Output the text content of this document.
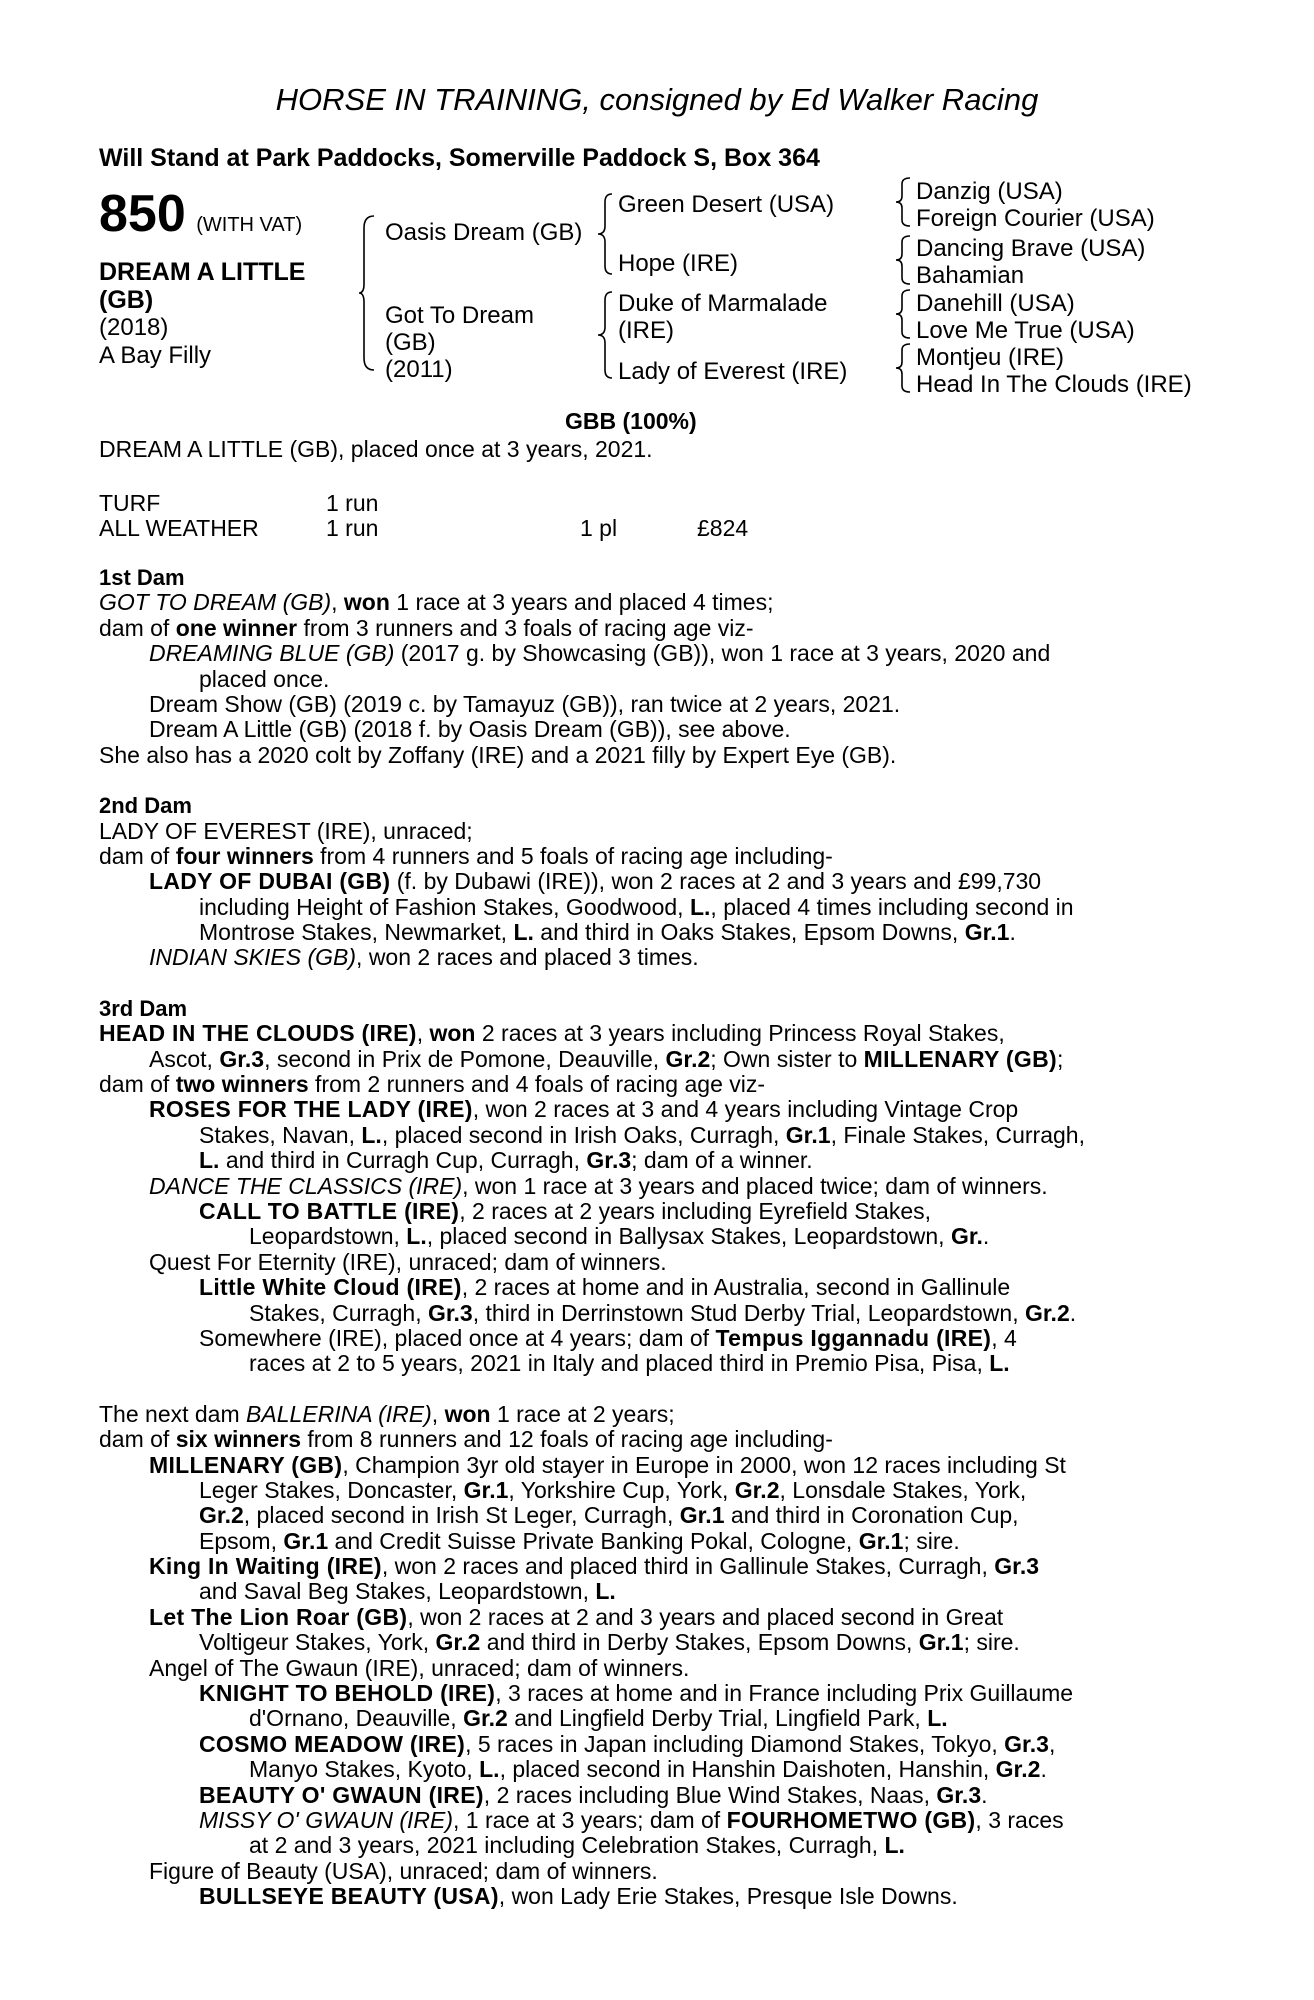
HORSE IN TRAINING, consigned by Ed Walker Racing
Will Stand at Park Paddocks, Somerville Paddock S, Box 364
850 (WITH VAT)
DREAM A LITTLE
(GB)
(2018)
A Bay Filly
Oasis Dream (GB)
Got To Dream
(GB)
(2011)
Green Desert (USA)
Hope (IRE)
Duke of Marmalade
(IRE)
Lady of Everest (IRE)
Danzig (USA)
Foreign Courier (USA)
Dancing Brave (USA)
Bahamian
Danehill (USA)
Love Me True (USA)
Montjeu (IRE)
Head In The Clouds (IRE)
GBB (100%)
DREAM A LITTLE (GB), placed once at 3 years, 2021.
TURF	1 run
ALL WEATHER	1 run	1 pl	£824
1st Dam
GOT TO DREAM (GB), won 1 race at 3 years and placed 4 times;
dam of one winner from 3 runners and 3 foals of racing age viz-
DREAMING BLUE (GB) (2017 g. by Showcasing (GB)), won 1 race at 3 years, 2020 and
placed once.
Dream Show (GB) (2019 c. by Tamayuz (GB)), ran twice at 2 years, 2021.
Dream A Little (GB) (2018 f. by Oasis Dream (GB)), see above.
She also has a 2020 colt by Zoffany (IRE) and a 2021 filly by Expert Eye (GB).
2nd Dam
LADY OF EVEREST (IRE), unraced;
dam of four winners from 4 runners and 5 foals of racing age including-
LADY OF DUBAI (GB) (f. by Dubawi (IRE)), won 2 races at 2 and 3 years and £99,730
including Height of Fashion Stakes, Goodwood, L., placed 4 times including second in
Montrose Stakes, Newmarket, L. and third in Oaks Stakes, Epsom Downs, Gr.1.
INDIAN SKIES (GB), won 2 races and placed 3 times.
3rd Dam
HEAD IN THE CLOUDS (IRE), won 2 races at 3 years including Princess Royal Stakes,
Ascot, Gr.3, second in Prix de Pomone, Deauville, Gr.2; Own sister to MILLENARY (GB);
dam of two winners from 2 runners and 4 foals of racing age viz-
ROSES FOR THE LADY (IRE), won 2 races at 3 and 4 years including Vintage Crop
Stakes, Navan, L., placed second in Irish Oaks, Curragh, Gr.1, Finale Stakes, Curragh,
L. and third in Curragh Cup, Curragh, Gr.3; dam of a winner.
DANCE THE CLASSICS (IRE), won 1 race at 3 years and placed twice; dam of winners.
CALL TO BATTLE (IRE), 2 races at 2 years including Eyrefield Stakes,
Leopardstown, L., placed second in Ballysax Stakes, Leopardstown, Gr..
Quest For Eternity (IRE), unraced; dam of winners.
Little White Cloud (IRE), 2 races at home and in Australia, second in Gallinule
Stakes, Curragh, Gr.3, third in Derrinstown Stud Derby Trial, Leopardstown, Gr.2.
Somewhere (IRE), placed once at 4 years; dam of Tempus Iggannadu (IRE), 4
races at 2 to 5 years, 2021 in Italy and placed third in Premio Pisa, Pisa, L.
The next dam BALLERINA (IRE), won 1 race at 2 years;
dam of six winners from 8 runners and 12 foals of racing age including-
MILLENARY (GB), Champion 3yr old stayer in Europe in 2000, won 12 races including St
Leger Stakes, Doncaster, Gr.1, Yorkshire Cup, York, Gr.2, Lonsdale Stakes, York,
Gr.2, placed second in Irish St Leger, Curragh, Gr.1 and third in Coronation Cup,
Epsom, Gr.1 and Credit Suisse Private Banking Pokal, Cologne, Gr.1; sire.
King In Waiting (IRE), won 2 races and placed third in Gallinule Stakes, Curragh, Gr.3
and Saval Beg Stakes, Leopardstown, L.
Let The Lion Roar (GB), won 2 races at 2 and 3 years and placed second in Great
Voltigeur Stakes, York, Gr.2 and third in Derby Stakes, Epsom Downs, Gr.1; sire.
Angel of The Gwaun (IRE), unraced; dam of winners.
KNIGHT TO BEHOLD (IRE), 3 races at home and in France including Prix Guillaume
d'Ornano, Deauville, Gr.2 and Lingfield Derby Trial, Lingfield Park, L.
COSMO MEADOW (IRE), 5 races in Japan including Diamond Stakes, Tokyo, Gr.3,
Manyo Stakes, Kyoto, L., placed second in Hanshin Daishoten, Hanshin, Gr.2.
BEAUTY O' GWAUN (IRE), 2 races including Blue Wind Stakes, Naas, Gr.3.
MISSY O' GWAUN (IRE), 1 race at 3 years; dam of FOURHOMETWO (GB), 3 races
at 2 and 3 years, 2021 including Celebration Stakes, Curragh, L.
Figure of Beauty (USA), unraced; dam of winners.
BULLSEYE BEAUTY (USA), won Lady Erie Stakes, Presque Isle Downs.
